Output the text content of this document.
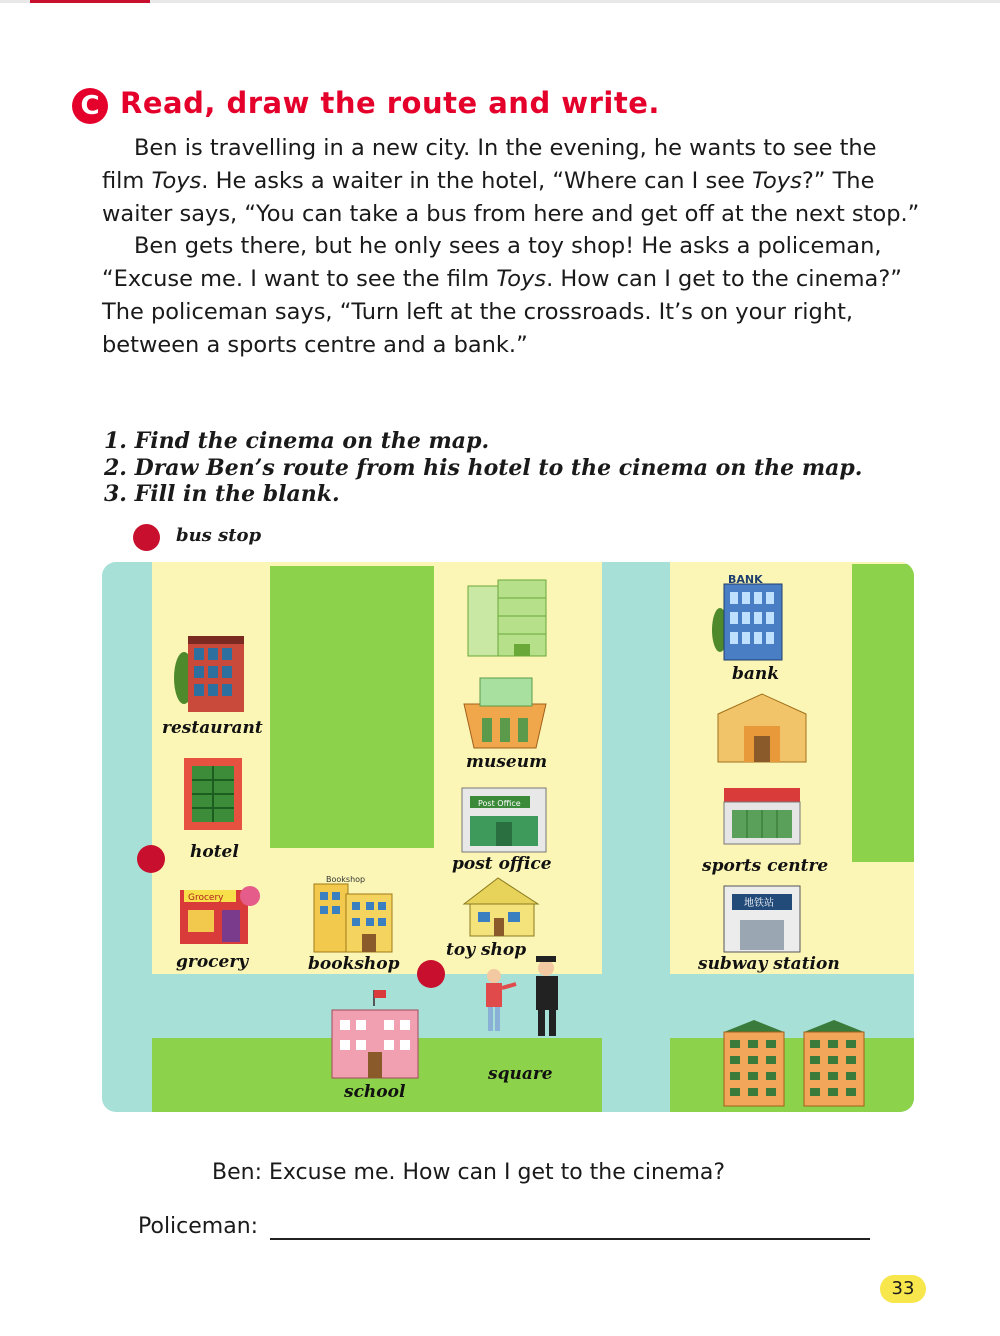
C Read, draw the route and write.

Ben is travelling in a new city. In the evening, he wants to see the film Toys. He asks a waiter in the hotel, “Where can I see Toys?” The waiter says, “You can take a bus from here and get off at the next stop.”

Ben gets there, but he only sees a toy shop! He asks a policeman, “Excuse me. I want to see the film Toys. How can I get to the cinema?” The policeman says, “Turn left at the crossroads. It’s on your right, between a sports centre and a bank.”

1. Find the cinema on the map.
2. Draw Ben’s route from his hotel to the cinema on the map.
3. Fill in the blank.
bus stop
restaurant
hotel
Grocery
grocery
Bookshop
bookshop
museum
Post Office
post office
toy shop
BANK
bank
sports centre
地铁站
subway station
school
square
Ben: Excuse me. How can I get to the cinema?
Policeman:
33
